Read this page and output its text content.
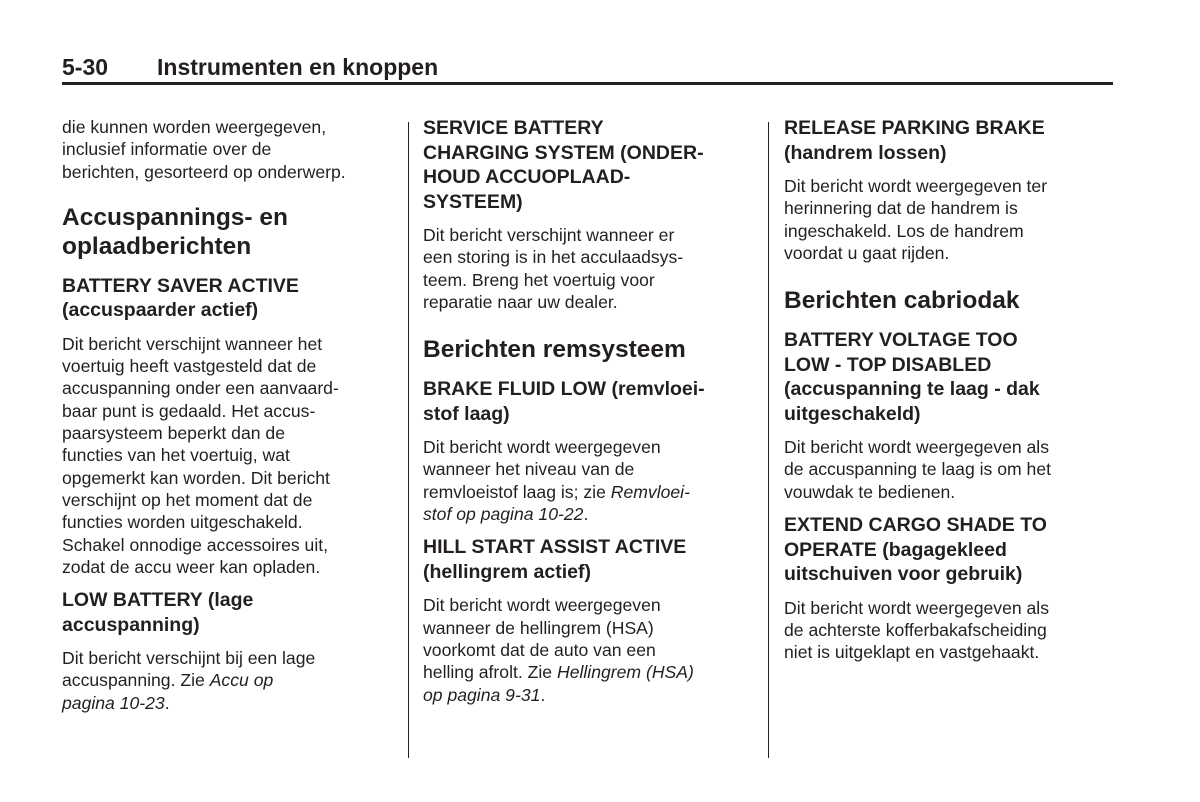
5-30 Instrumenten en knoppen

die kunnen worden weergegeven,

inclusief informatie over de

berichten, gesorteerd op onderwerp.

Accuspannings- en

oplaadberichten

BATTERY SAVER ACTIVE

(accuspaarder actief)

Dit bericht verschijnt wanneer het

voertuig heeft vastgesteld dat de

accuspanning onder een aanvaard-

baar punt is gedaald. Het accus-

paarsysteem beperkt dan de

functies van het voertuig, wat

opgemerkt kan worden. Dit bericht

verschijnt op het moment dat de

functies worden uitgeschakeld.

Schakel onnodige accessoires uit,

zodat de accu weer kan opladen.

LOW BATTERY (lage

accuspanning)

Dit bericht verschijnt bij een lage

accuspanning. Zie Accu op

pagina 10-23.

SERVICE BATTERY

CHARGING SYSTEM (ONDER-

HOUD ACCUOPLAAD-

SYSTEEM)

Dit bericht verschijnt wanneer er

een storing is in het acculaadsys-

teem. Breng het voertuig voor

reparatie naar uw dealer.

Berichten remsysteem

BRAKE FLUID LOW (remvloei-

stof laag)

Dit bericht wordt weergegeven

wanneer het niveau van de

remvloeistof laag is; zie Remvloei-

stof op pagina 10-22.

HILL START ASSIST ACTIVE

(hellingrem actief)

Dit bericht wordt weergegeven

wanneer de hellingrem (HSA)

voorkomt dat de auto van een

helling afrolt. Zie Hellingrem (HSA)

op pagina 9-31.

RELEASE PARKING BRAKE

(handrem lossen)

Dit bericht wordt weergegeven ter

herinnering dat de handrem is

ingeschakeld. Los de handrem

voordat u gaat rijden.

Berichten cabriodak

BATTERY VOLTAGE TOO

LOW - TOP DISABLED

(accuspanning te laag - dak

uitgeschakeld)

Dit bericht wordt weergegeven als

de accuspanning te laag is om het

vouwdak te bedienen.

EXTEND CARGO SHADE TO

OPERATE (bagagekleed

uitschuiven voor gebruik)

Dit bericht wordt weergegeven als

de achterste kofferbakafscheiding

niet is uitgeklapt en vastgehaakt.
